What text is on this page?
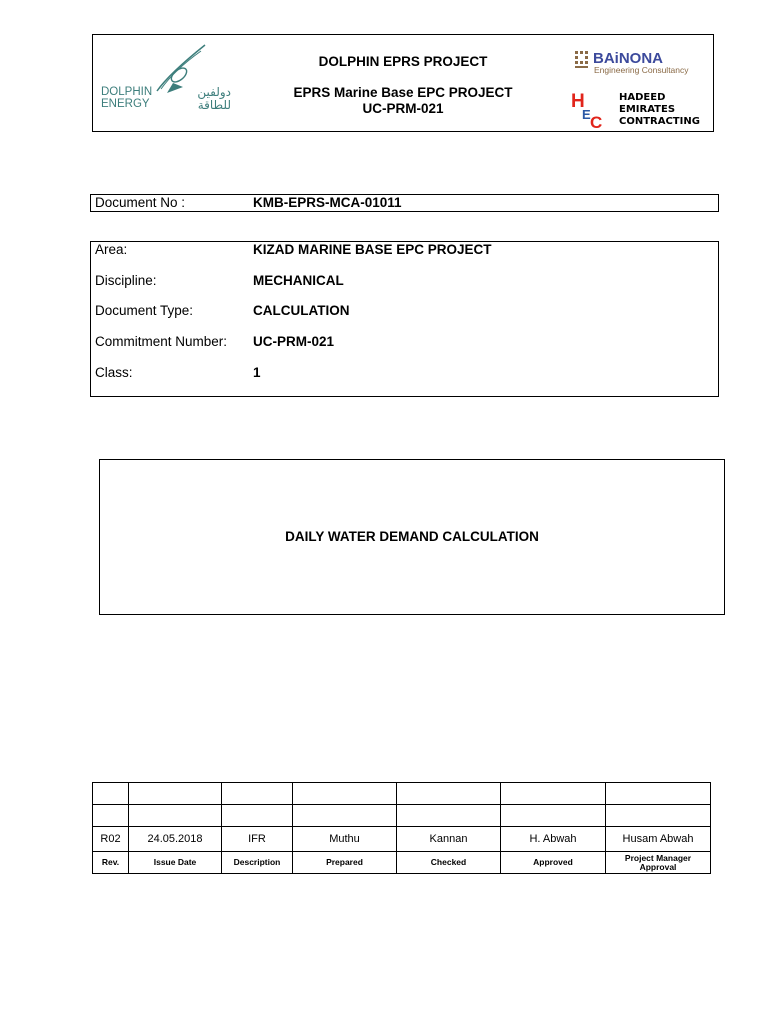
DOLPHIN
ENERGY
دولفين
للطاقة
DOLPHIN EPRS PROJECT
EPRS Marine Base EPC PROJECT
UC-PRM-021
BAiNONA
Engineering Consultancy
H
E C
HADEED
EMIRATES
CONTRACTING
Document No :	KMB-EPRS-MCA-01011
Area:	KIZAD MARINE BASE EPC PROJECT
Discipline:	MECHANICAL
Document Type:	CALCULATION
Commitment Number: UC-PRM-021
Class:	1
DAILY WATER DEMAND CALCULATION

R02	24.05.2018	IFR	Muthu	Kannan	H. Abwah	Husam Abwah
Rev.	Issue Date	Description	Prepared	Checked	Approved	Project Manager Approval
